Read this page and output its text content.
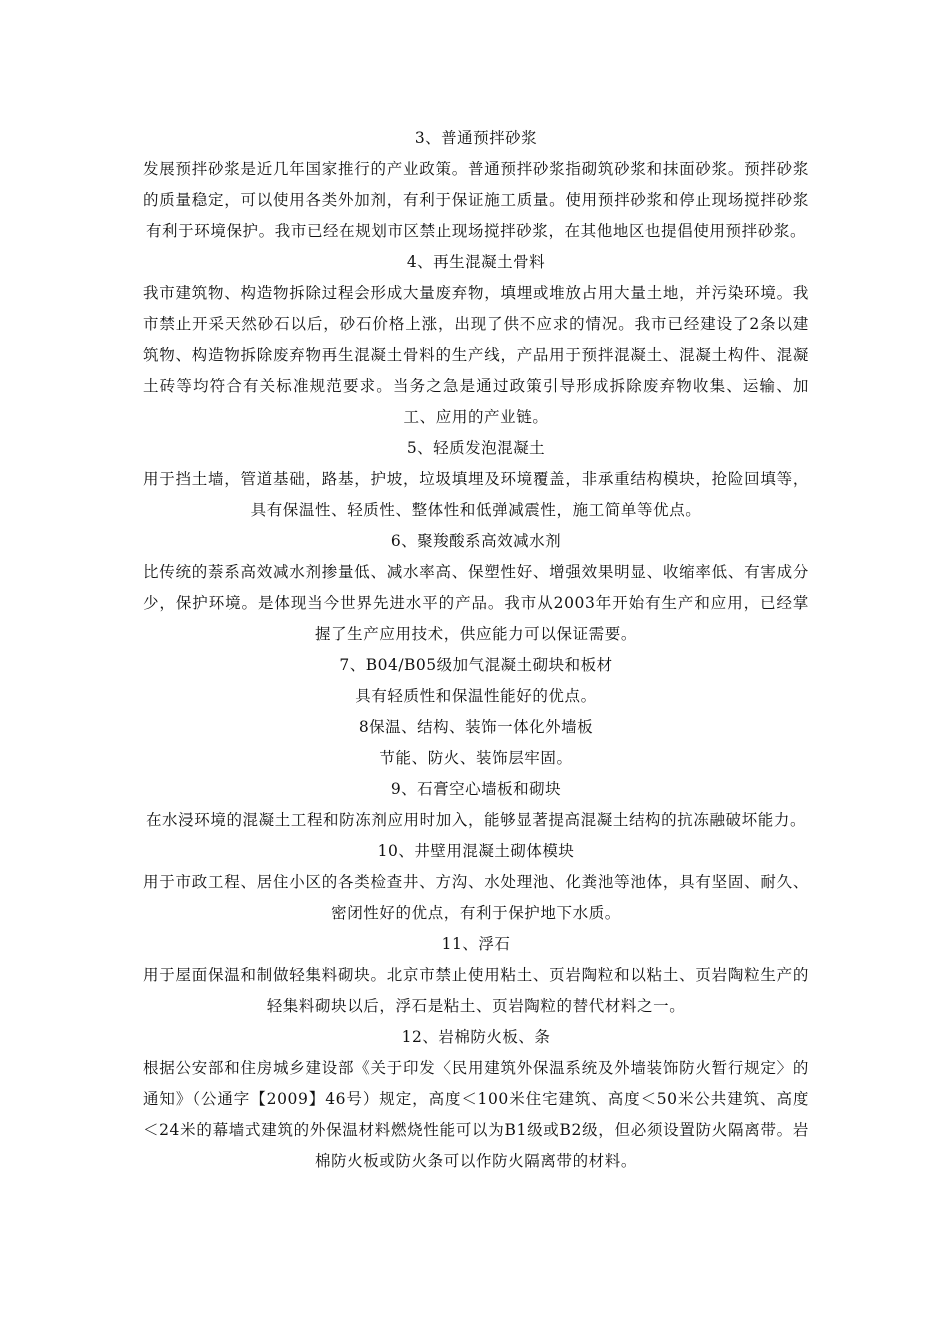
3、普通预拌砂浆

发展预拌砂浆是近几年国家推行的产业政策。普通预拌砂浆指砌筑砂浆和抹面砂浆。预拌砂浆的质量稳定，可以使用各类外加剂，有利于保证施工质量。使用预拌砂浆和停止现场搅拌砂浆有利于环境保护。我市已经在规划市区禁止现场搅拌砂浆，在其他地区也提倡使用预拌砂浆。

4、再生混凝土骨料

我市建筑物、构造物拆除过程会形成大量废弃物，填埋或堆放占用大量土地，并污染环境。我市禁止开采天然砂石以后，砂石价格上涨，出现了供不应求的情况。我市已经建设了2条以建筑物、构造物拆除废弃物再生混凝土骨料的生产线，产品用于预拌混凝土、混凝土构件、混凝土砖等均符合有关标准规范要求。当务之急是通过政策引导形成拆除废弃物收集、运输、加工、应用的产业链。

5、轻质发泡混凝土

用于挡土墙，管道基础，路基，护坡，垃圾填埋及环境覆盖，非承重结构模块，抢险回填等，具有保温性、轻质性、整体性和低弹减震性，施工简单等优点。

6、聚羧酸系高效减水剂

比传统的萘系高效减水剂掺量低、减水率高、保塑性好、增强效果明显、收缩率低、有害成分少，保护环境。是体现当今世界先进水平的产品。我市从2003年开始有生产和应用，已经掌握了生产应用技术，供应能力可以保证需要。

7、B04/B05级加气混凝土砌块和板材

具有轻质性和保温性能好的优点。

8保温、结构、装饰一体化外墙板

节能、防火、装饰层牢固。

9、石膏空心墙板和砌块

在水浸环境的混凝土工程和防冻剂应用时加入，能够显著提高混凝土结构的抗冻融破坏能力。

10、井壁用混凝土砌体模块

用于市政工程、居住小区的各类检查井、方沟、水处理池、化粪池等池体，具有坚固、耐久、密闭性好的优点，有利于保护地下水质。

11、浮石

用于屋面保温和制做轻集料砌块。北京市禁止使用粘土、页岩陶粒和以粘土、页岩陶粒生产的轻集料砌块以后，浮石是粘土、页岩陶粒的替代材料之一。

12、岩棉防火板、条

根据公安部和住房城乡建设部《关于印发〈民用建筑外保温系统及外墙装饰防火暂行规定〉的通知》（公通字【2009】46号）规定，高度＜100米住宅建筑、高度＜50米公共建筑、高度＜24米的幕墙式建筑的外保温材料燃烧性能可以为B1级或B2级，但必须设置防火隔离带。岩棉防火板或防火条可以作防火隔离带的材料。
